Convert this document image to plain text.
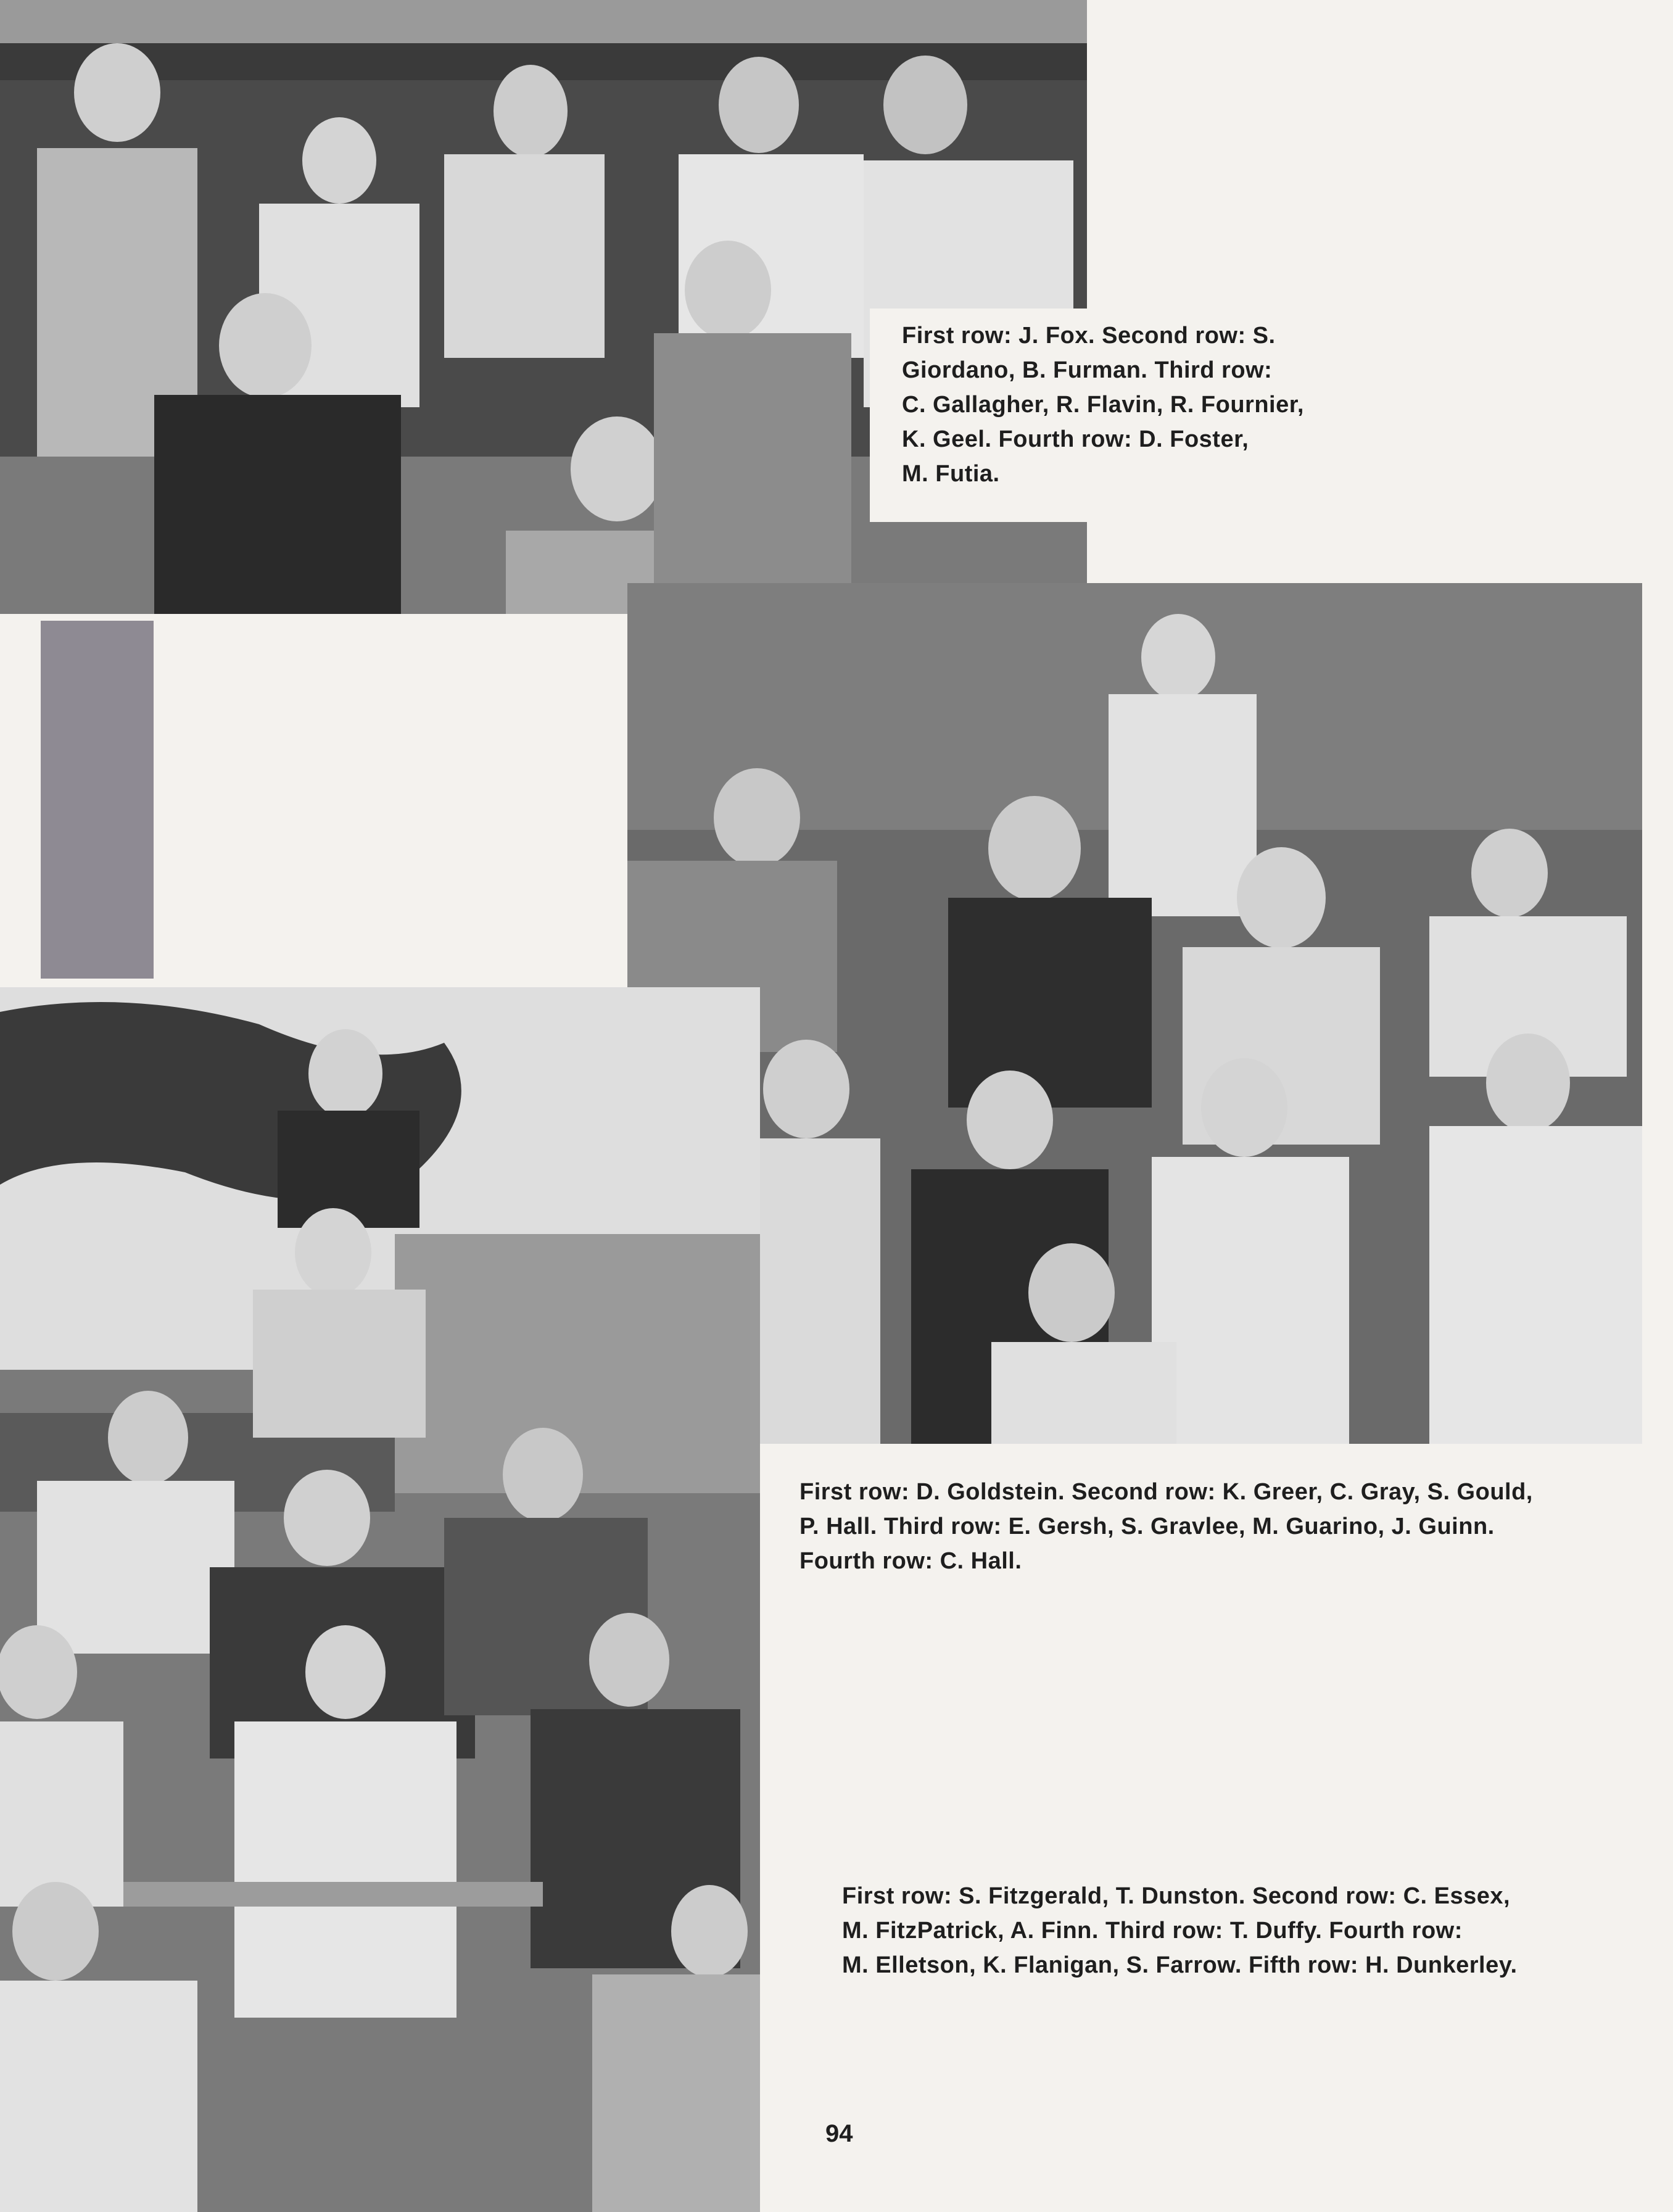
First row: J. Fox. Second row: S.
Giordano, B. Furman. Third row:
C. Gallagher, R. Flavin, R. Fournier,
K. Geel. Fourth row: D. Foster,
M. Futia.
First row: D. Goldstein. Second row: K. Greer, C. Gray, S. Gould,
P. Hall. Third row: E. Gersh, S. Gravlee, M. Guarino, J. Guinn.
Fourth row: C. Hall.
First row: S. Fitzgerald, T. Dunston. Second row: C. Essex,
M. FitzPatrick, A. Finn. Third row: T. Duffy. Fourth row:
M. Elletson, K. Flanigan, S. Farrow. Fifth row: H. Dunkerley.
94
